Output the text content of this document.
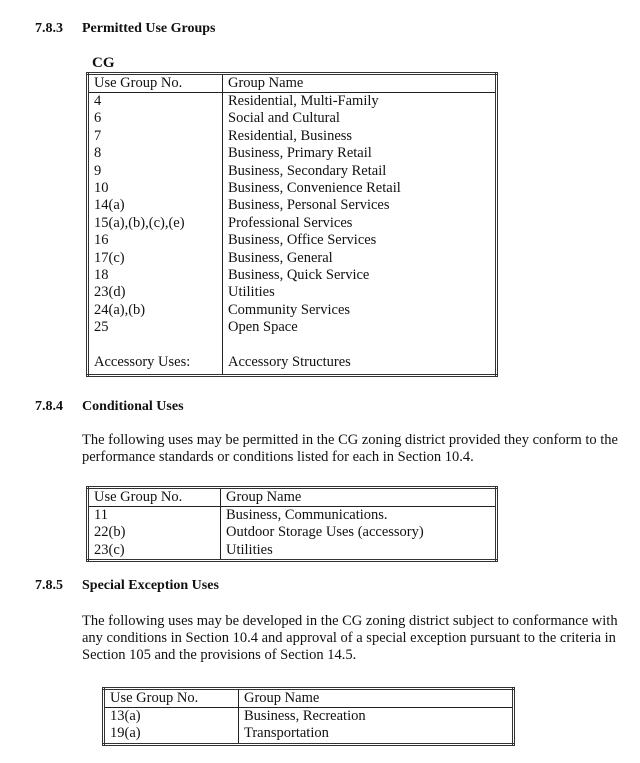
7.8.3 Permitted Use Groups
CG
Use Group No.	Group Name
4	Residential, Multi-Family
6	Social and Cultural
7	Residential, Business
8	Business, Primary Retail
9	Business, Secondary Retail
10	Business, Convenience Retail
14(a)	Business, Personal Services
15(a),(b),(c),(e)	Professional Services
16	Business, Office Services
17(c)	Business, General
18	Business, Quick Service
23(d)	Utilities
24(a),(b)	Community Services
25	Open Space

Accessory Uses:	Accessory Structures
7.8.4 Conditional Uses

The following uses may be permitted in the CG zoning district provided they conform to the performance standards or conditions listed for each in Section 10.4.

Use Group No.	Group Name
11	Business, Communications.
22(b)	Outdoor Storage Uses (accessory)
23(c)	Utilities
7.8.5 Special Exception Uses

The following uses may be developed in the CG zoning district subject to conformance with any conditions in Section 10.4 and approval of a special exception pursuant to the criteria in Section 105 and the provisions of Section 14.5.

Use Group No.	Group Name
13(a)	Business, Recreation
19(a)	Transportation
